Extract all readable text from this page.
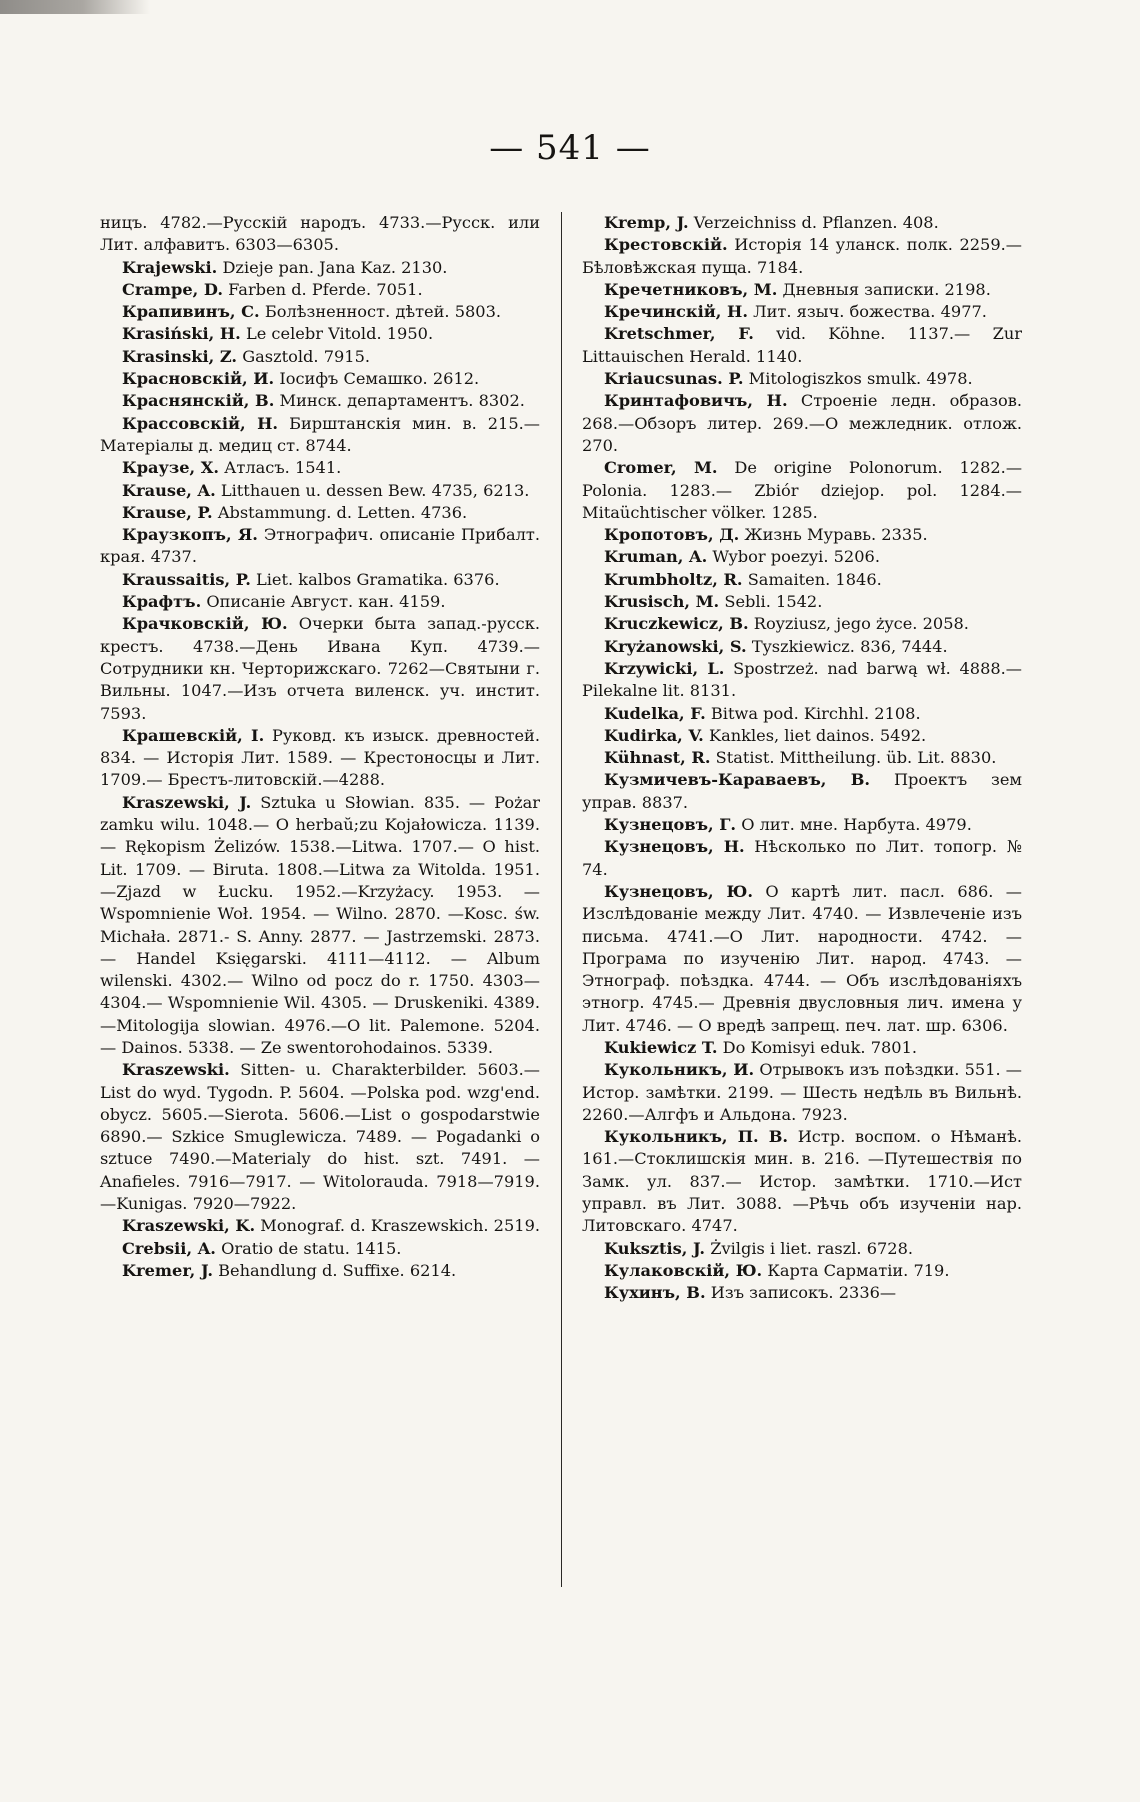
— 541 —

ницъ. 4782.—Русскій народъ. 4733.—Русск. или Лит. алфавитъ. 6303—6305.

Krajewski. Dzieje pan. Jana Kaz. 2130.

Crampe, D. Farben d. Pferde. 7051.

Крапивинъ, С. Болѣзненност. дѣтей. 5803.

Krasiński, H. Le celebr Vitold. 1950.

Krasinski, Z. Gasztold. 7915.

Красновскій, И. Іосифъ Семашко. 2612.

Краснянскій, В. Минск. департаментъ. 8302.

Крассовскій, Н. Бирштанскія мин. в. 215.—Матеріалы д. медиц ст. 8744.

Краузе, Х. Атласъ. 1541.

Krause, A. Litthauen u. dessen Bew. 4735, 6213.

Krause, P. Abstammung. d. Letten. 4736.

Краузкопъ, Я. Этнографич. описаніе Прибалт. края. 4737.

Kraussaitis, P. Liet. kalbos Gramatika. 6376.

Крафтъ. Описаніе Август. кан. 4159.

Крачковскій, Ю. Очерки быта запад.-русск. крестъ. 4738.—День Ивана Куп. 4739.—Сотрудники кн. Черторижскаго. 7262—Святыни г. Вильны. 1047.—Изъ отчета виленск. уч. инстит. 7593.

Крашевскій, І. Руковд. къ изыск. древностей. 834. — Исторія Лит. 1589. — Крестоносцы и Лит. 1709.— Брестъ-литовскій.—4288.

Kraszewski, J. Sztuka u Słowian. 835. — Pożar zamku wilu. 1048.— O herbaŭ;zu Kojałowicza. 1139. — Rękopism Żelizów. 1538.—Litwa. 1707.— O hist. Lit. 1709. — Biruta. 1808.—Litwa za Witolda. 1951. —Zjazd w Łucku. 1952.—Krzyżacy. 1953. —Wspomnienie Woł. 1954. — Wilno. 2870. —Kosc. św. Michała. 2871.- S. Anny. 2877. — Jastrzemski. 2873. — Handel Księgarski. 4111—4112. — Album wilenski. 4302.— Wilno od pocz do r. 1750. 4303—4304.— Wspomnienie Wil. 4305. — Druskeniki. 4389. —Mitologija slowian. 4976.—O lit. Palemone. 5204. — Dainos. 5338. — Ze swentorohodainos. 5339.

Kraszewski. Sitten- u. Charakterbilder. 5603.—List do wyd. Tygodn. P. 5604. —Polska pod. wzg'end. obycz. 5605.—Sierota. 5606.—List o gospodarstwie 6890.— Szkice Smuglewicza. 7489. — Pogadanki o sztuce 7490.—Materialy do hist. szt. 7491. — Anafieles. 7916—7917. — Witolorauda. 7918—7919.—Kunigas. 7920—7922.

Kraszewski, K. Monograf. d. Kraszewskich. 2519.

Crebsii, A. Oratio de statu. 1415.

Kremer, J. Behandlung d. Suffixe. 6214.

Kremp, J. Verzeichniss d. Pflanzen. 408.

Крестовскій. Исторія 14 уланск. полк. 2259.—Бѣловѣжская пуща. 7184.

Кречетниковъ, М. Дневныя записки. 2198.

Кречинскій, Н. Лит. языч. божества. 4977.

Kretschmer, F. vid. Köhne. 1137.— Zur Littauischen Herald. 1140.

Kriaucsunas. P. Mitologiszkos smulk. 4978.

Кринтафовичъ, Н. Строеніе ледн. образов. 268.—Обзоръ литер. 269.—О межледник. отлож. 270.

Cromer, M. De origine Polonorum. 1282.—Polonia. 1283.— Zbiór dziejop. pol. 1284.—Mitaüchtischer völker. 1285.

Кропотовъ, Д. Жизнь Муравь. 2335.

Kruman, A. Wybor poezyi. 5206.

Krumbholtz, R. Samaiten. 1846.

Krusisch, M. Sebli. 1542.

Kruczkewicz, B. Royziusz, jego życe. 2058.

Kryżanowski, S. Tyszkiewicz. 836, 7444.

Krzywicki, L. Spostrzeż. nad barwą wł. 4888.—Pilekalne lit. 8131.

Kudelka, F. Bitwa pod. Kirchhl. 2108.

Kudirka, V. Kankles, liet dainos. 5492.

Kühnast, R. Statist. Mittheilung. üb. Lit. 8830.

Кузмичевъ-Караваевъ, В. Проектъ зем управ. 8837.

Кузнецовъ, Г. О лит. мне. Нарбута. 4979.

Кузнецовъ, Н. Нѣсколько по Лит. топогр. № 74.

Кузнецовъ, Ю. О картѣ лит. пасл. 686. — Изслѣдованіе между Лит. 4740. — Извлеченіе изъ письма. 4741.—О Лит. народности. 4742. — Програма по изученію Лит. народ. 4743. — Этнограф. поѣздка. 4744. — Объ изслѣдованіяхъ этногр. 4745.— Древнія двусловныя лич. имена у Лит. 4746. — О вредѣ запрещ. печ. лат. шр. 6306.

Kukiewicz T. Do Komisyi eduk. 7801.

Кукольникъ, И. Отрывокъ изъ поѣздки. 551. — Истор. замѣтки. 2199. — Шесть недѣль въ Вильнѣ. 2260.—Алгфъ и Альдона. 7923.

Кукольникъ, П. В. Истр. воспом. о Нѣманѣ. 161.—Стоклишскія мин. в. 216. —Путешествія по Замк. ул. 837.— Истор. замѣтки. 1710.—Ист управл. въ Лит. 3088. —Рѣчь объ изученіи нар. Литовскаго. 4747.

Kuksztis, J. Żvilgis i liet. raszl. 6728.

Кулаковскій, Ю. Карта Сарматіи. 719.

Кухинъ, В. Изъ записокъ. 2336—
